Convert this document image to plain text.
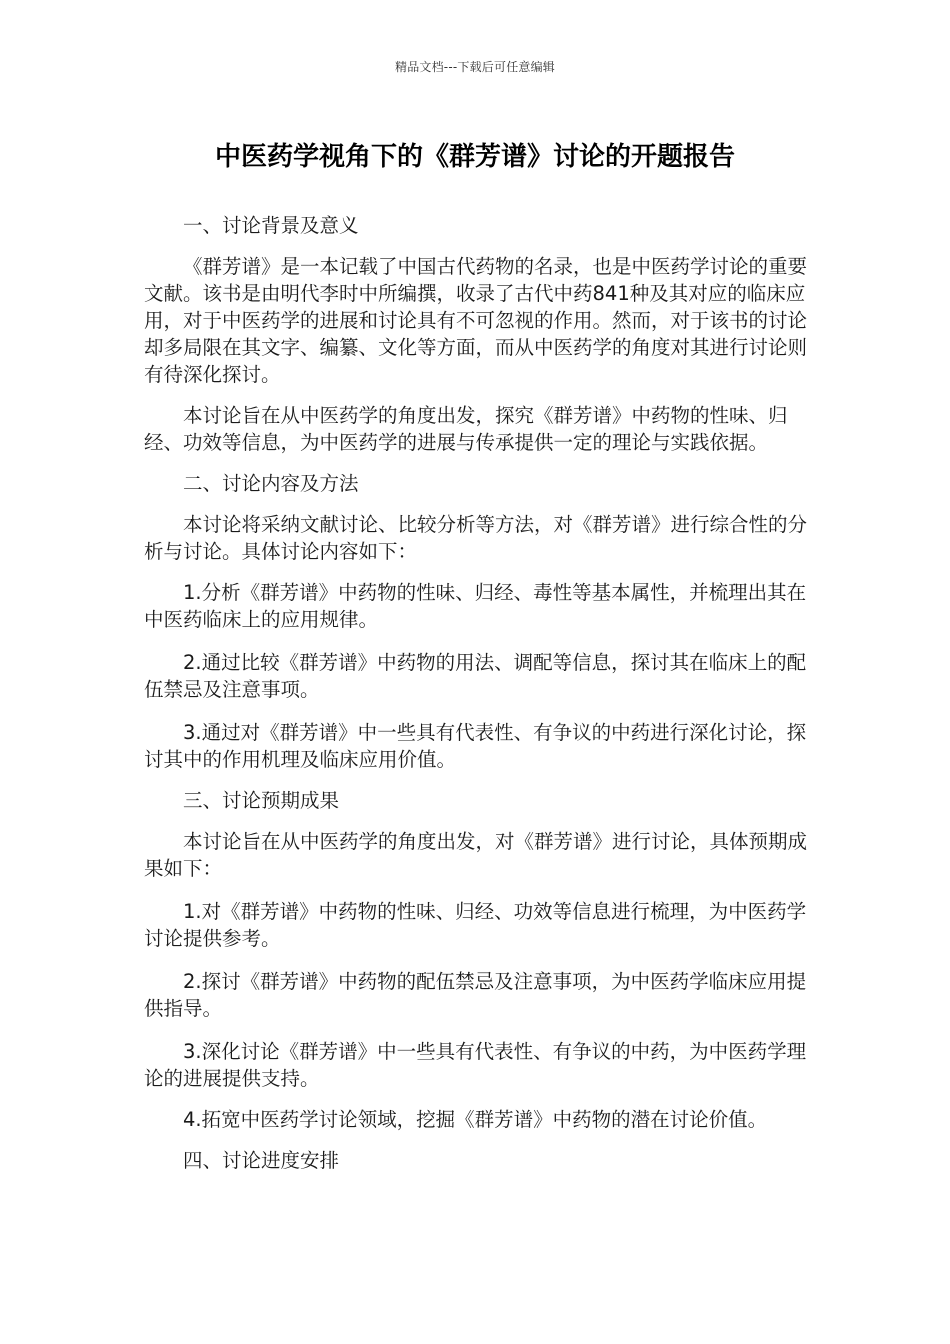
精品文档---下载后可任意编辑
中医药学视角下的《群芳谱》讨论的开题报告

一、讨论背景及意义

《群芳谱》是一本记载了中国古代药物的名录，也是中医药学讨论的重要文献。该书是由明代李时中所编撰，收录了古代中药841种及其对应的临床应用，对于中医药学的进展和讨论具有不可忽视的作用。然而，对于该书的讨论却多局限在其文字、编纂、文化等方面，而从中医药学的角度对其进行讨论则有待深化探讨。

本讨论旨在从中医药学的角度出发，探究《群芳谱》中药物的性味、归经、功效等信息，为中医药学的进展与传承提供一定的理论与实践依据。

二、讨论内容及方法

本讨论将采纳文献讨论、比较分析等方法，对《群芳谱》进行综合性的分析与讨论。具体讨论内容如下：

1.分析《群芳谱》中药物的性味、归经、毒性等基本属性，并梳理出其在中医药临床上的应用规律。

2.通过比较《群芳谱》中药物的用法、调配等信息，探讨其在临床上的配伍禁忌及注意事项。

3.通过对《群芳谱》中一些具有代表性、有争议的中药进行深化讨论，探讨其中的作用机理及临床应用价值。

三、讨论预期成果

本讨论旨在从中医药学的角度出发，对《群芳谱》进行讨论，具体预期成果如下：

1.对《群芳谱》中药物的性味、归经、功效等信息进行梳理，为中医药学讨论提供参考。

2.探讨《群芳谱》中药物的配伍禁忌及注意事项，为中医药学临床应用提供指导。

3.深化讨论《群芳谱》中一些具有代表性、有争议的中药，为中医药学理论的进展提供支持。

4.拓宽中医药学讨论领域，挖掘《群芳谱》中药物的潜在讨论价值。

四、讨论进度安排
